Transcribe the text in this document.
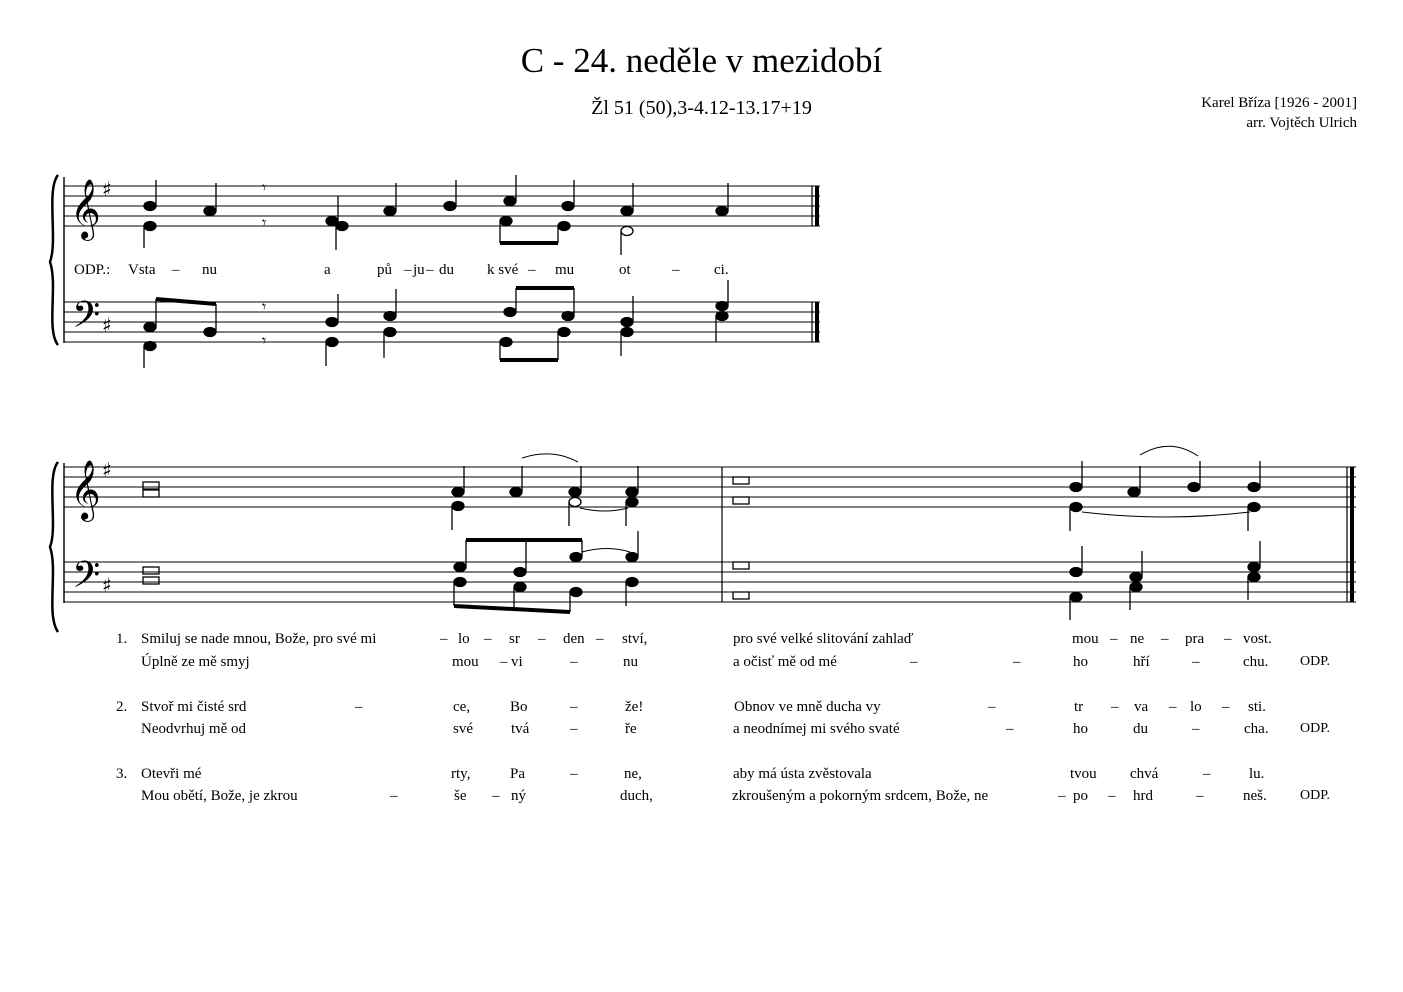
C - 24. neděle v mezidobí
Žl 51 (50),3-4.12-13.17+19	Karel Bříza [1926 - 2001]
arr. Vojtěch Ulrich
𝄞
𝄢
♯
♯
𝄞
𝄢
♯
♯
𝄾
𝄾
𝄾
𝄾
ODP.: Vsta – nu	a	pů – ju – du k své – mu	ot	– ci.
1. Smiluj se nade mnou, Bože, pro své mi	– lo – sr – den – ství,	pro své velké slitování zahlaď	mou – ne – pra – vost.
Úplně ze mě smyj	mou – vi	–	nu	a očisť mě od mé	–	–	ho	hří	–	chu. ODP.
2. Stvoř mi čisté srd	–	ce,	Bo	–	že!	Obnov ve mně ducha vy	–	tr – va – lo – sti.
Neodvrhuj mě od	své	tvá	–	ře	a neodnímej mi svého svaté	–	ho	du	–	cha. ODP.
3. Otevři mé	rty,	Pa	–	ne,	aby má ústa zvěstovala	tvou chvá	–	lu.
Mou obětí, Bože, je zkrou	–	še – ný	duch,	zkroušeným a pokorným srdcem, Bože, ne	– po – hrd	–	neš. ODP.
